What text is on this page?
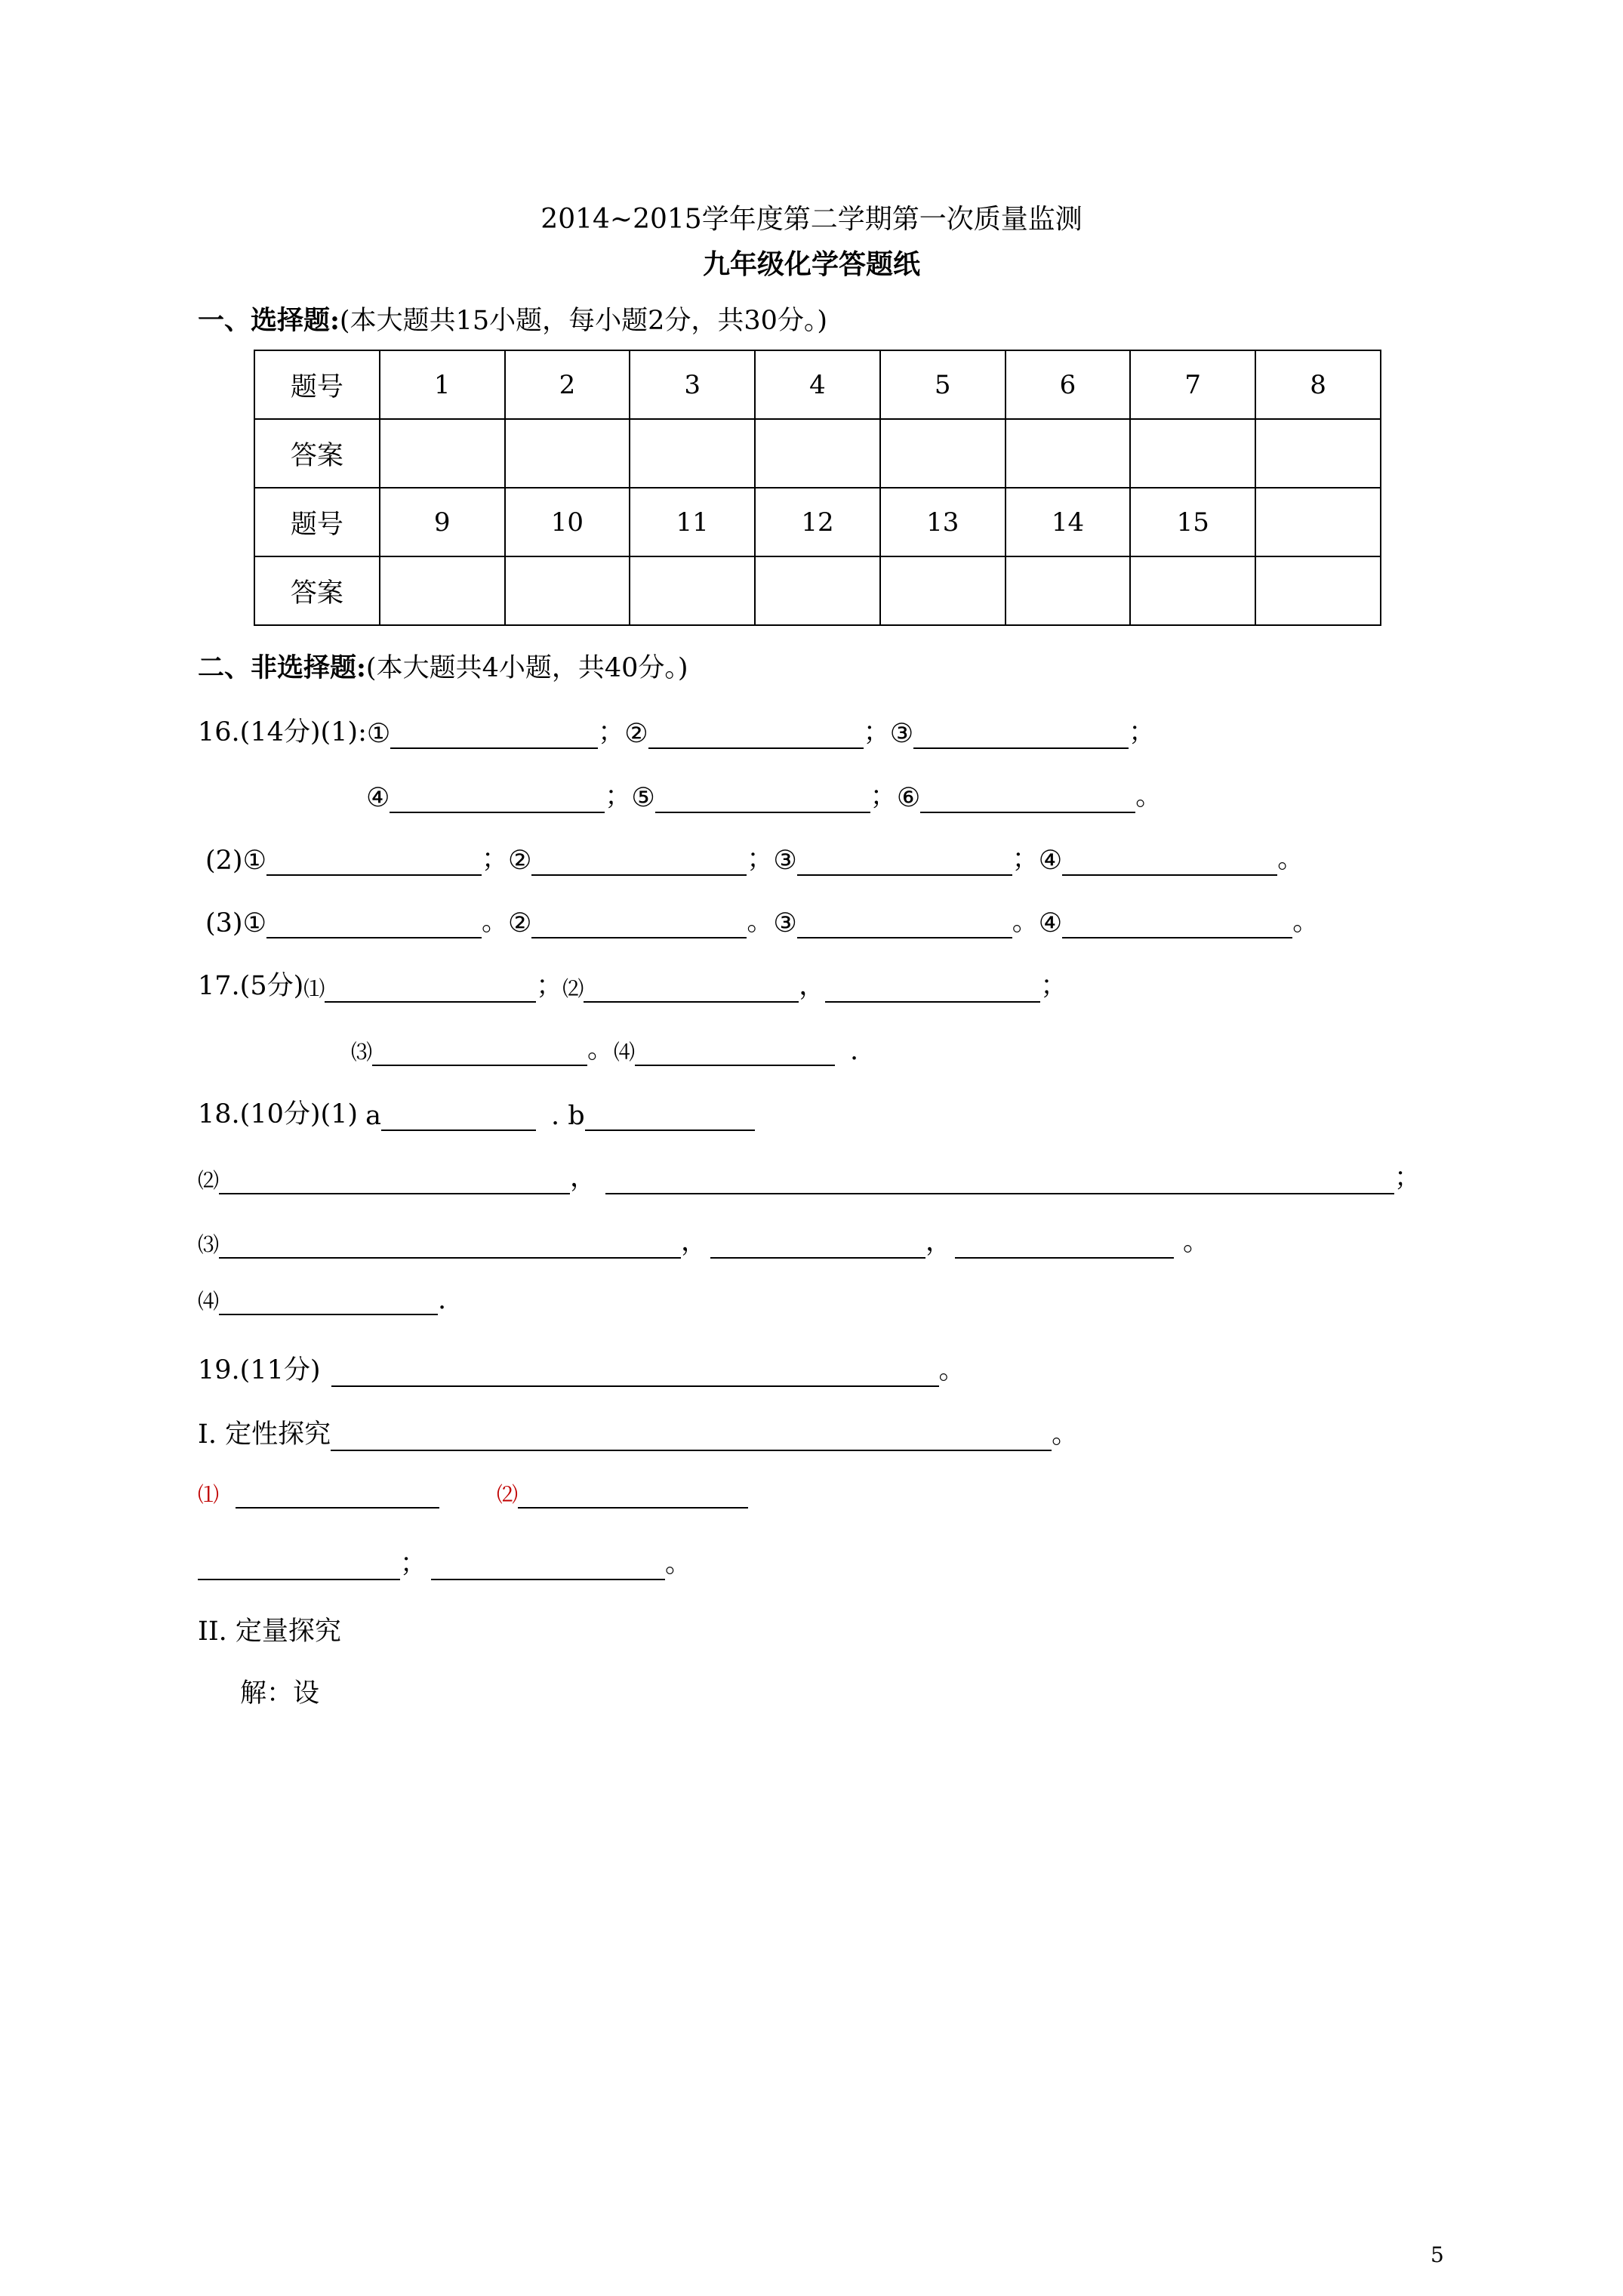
2014~2015学年度第二学期第一次质量监测
九年级化学答题纸
一、选择题:(本大题共15小题，每小题2分，共30分。)
题号	1	2	3	4	5	6	7	8
答案								
题号	9	10	11	12	13	14	15	
答案								
二、非选择题:(本大题共4小题，共40分。)
16.(14分)(1): ①	； ②	； ③	；
④	； ⑤	； ⑥	。
(2) ①	； ②	； ③	； ④	。
(3) ①	。 ②	。 ③	。 ④	。
17.(5分) ⑴	； ⑵	，	；
⑶	。 ⑷	.
18.(10分)(1) a	. b
⑵	，	；
⑶	，	，	。
⑷	.
19.(11分)	。
Ⅰ. 定性探究	。
⑴	⑵
；	。
II. 定量探究
解：设
5
